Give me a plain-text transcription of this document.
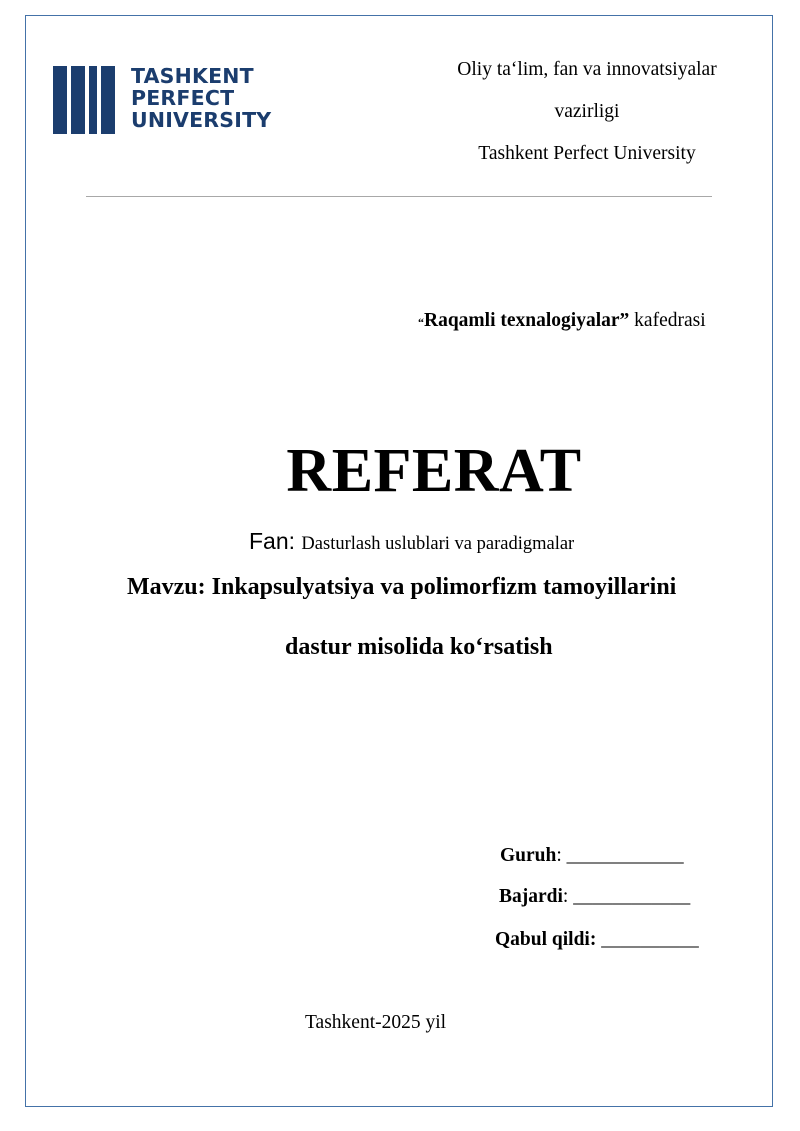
TASHKENT
PERFECT
UNIVERSITY
Oliy ta‘lim, fan va innovatsiyalar
vazirligi
Tashkent Perfect University
“Raqamli texnalogiyalar” kafedrasi
REFERAT
Fan: Dasturlash uslublari va paradigmalar
Mavzu: Inkapsulyatsiya va polimorfizm tamoyillarini
dastur misolida ko‘rsatish
Guruh: ____________
Bajardi: ____________
Qabul qildi: __________
Tashkent-2025 yil
